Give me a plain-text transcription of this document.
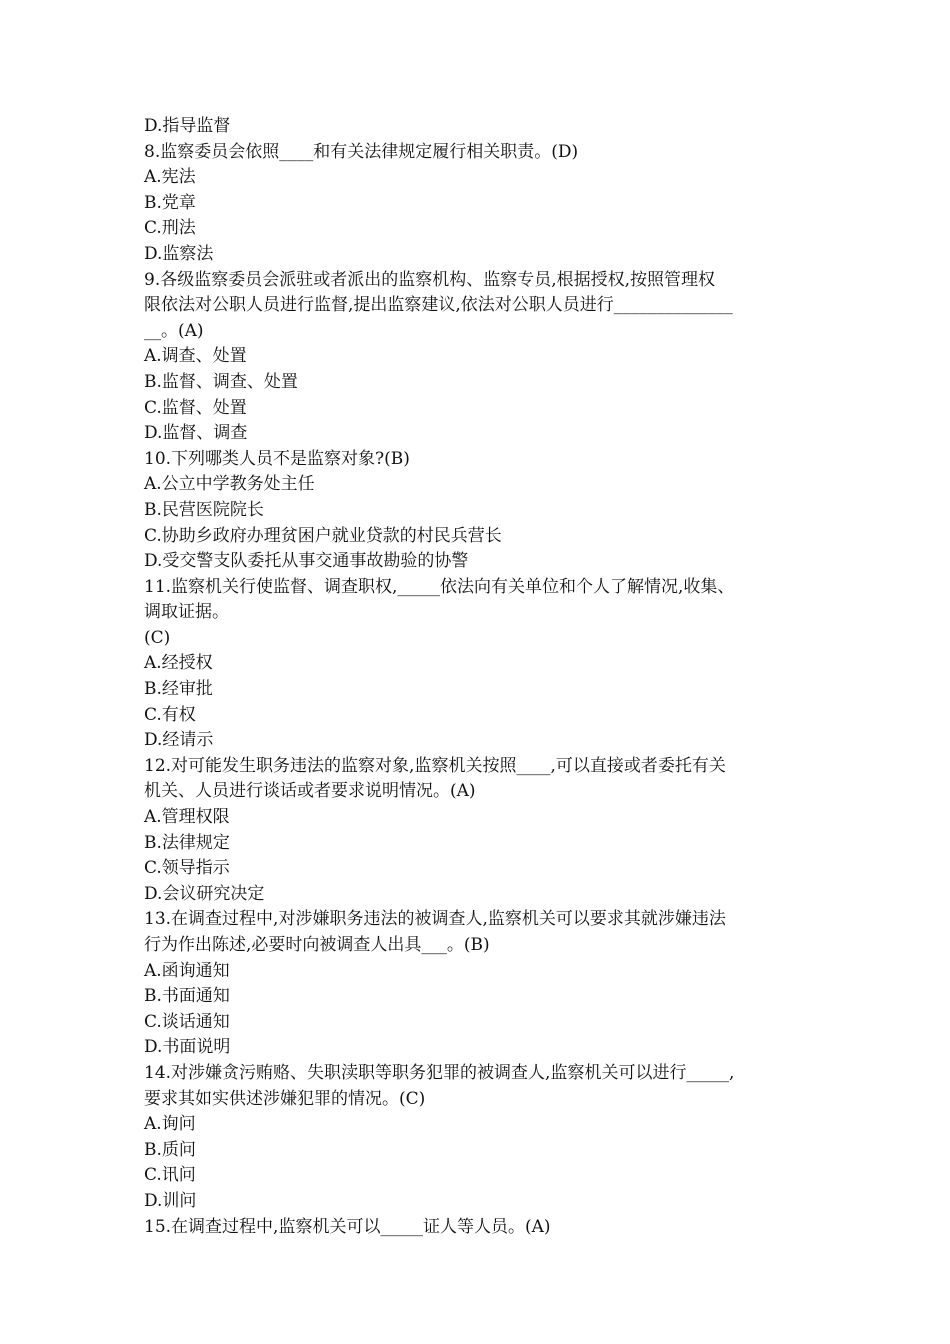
D.指导监督

8.监察委员会依照____和有关法律规定履行相关职责。(D)

A.宪法

B.党章

C.刑法

D.监察法

9.各级监察委员会派驻或者派出的监察机构、监察专员,根据授权,按照管理权

限依法对公职人员进行监督,提出监察建议,依法对公职人员进行______________

__。(A)

A.调查、处置

B.监督、调查、处置

C.监督、处置

D.监督、调查

10.下列哪类人员不是监察对象?(B)

A.公立中学教务处主任

B.民营医院院长

C.协助乡政府办理贫困户就业贷款的村民兵营长

D.受交警支队委托从事交通事故勘验的协警

11.监察机关行使监督、调查职权,_____依法向有关单位和个人了解情况,收集、

调取证据。

(C)

A.经授权

B.经审批

C.有权

D.经请示

12.对可能发生职务违法的监察对象,监察机关按照____,可以直接或者委托有关

机关、人员进行谈话或者要求说明情况。(A)

A.管理权限

B.法律规定

C.领导指示

D.会议研究决定

13.在调查过程中,对涉嫌职务违法的被调查人,监察机关可以要求其就涉嫌违法

行为作出陈述,必要时向被调查人出具___。(B)

A.函询通知

B.书面通知

C.谈话通知

D.书面说明

14.对涉嫌贪污贿赂、失职渎职等职务犯罪的被调查人,监察机关可以进行_____,

要求其如实供述涉嫌犯罪的情况。(C)

A.询问

B.质问

C.讯问

D.训问

15.在调查过程中,监察机关可以_____证人等人员。(A)
